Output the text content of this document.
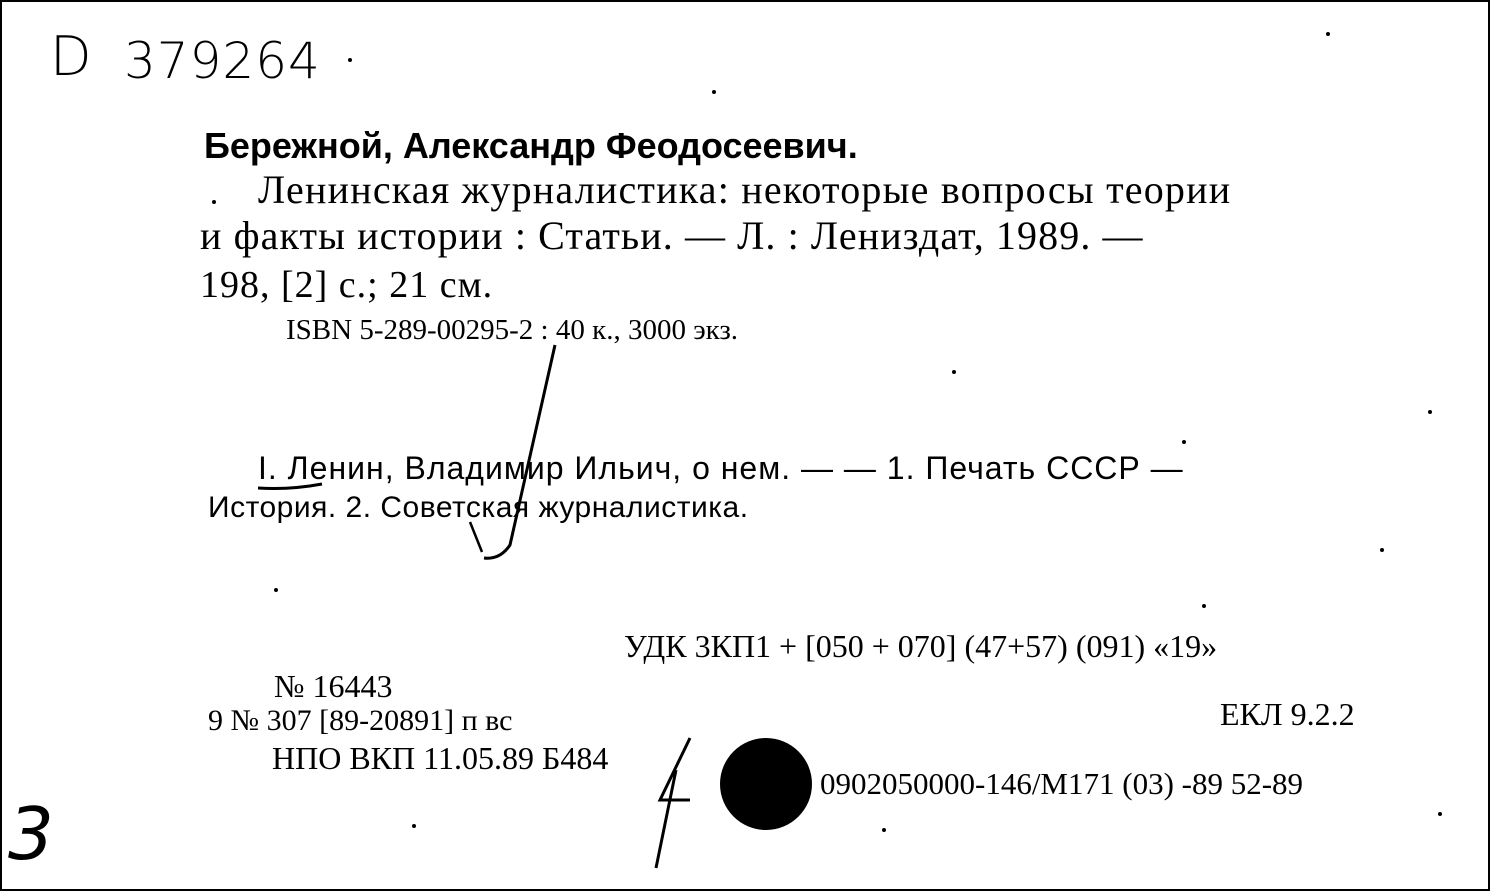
D 379264
Бережной, Александр Феодосеевич.
Ленинская журналистика: некоторые вопросы теории
и факты истории : Статьи. — Л. : Лениздат, 1989. —
198, [2] с.; 21 см.
ISBN 5-289-00295-2 : 40 к., 3000 экз.
I. Ленин, Владимир Ильич, о нем. — — 1. Печать СССР —
История. 2. Советская журналистика.
УДК 3КП1 + [050 + 070] (47+57) (091) «19»
№ 16443
9 № 307 [89-20891] п вс
НПО ВКП 11.05.89 Б484
ЕКЛ 9.2.2
0902050000-146/М171 (03) -89 52-89
3
